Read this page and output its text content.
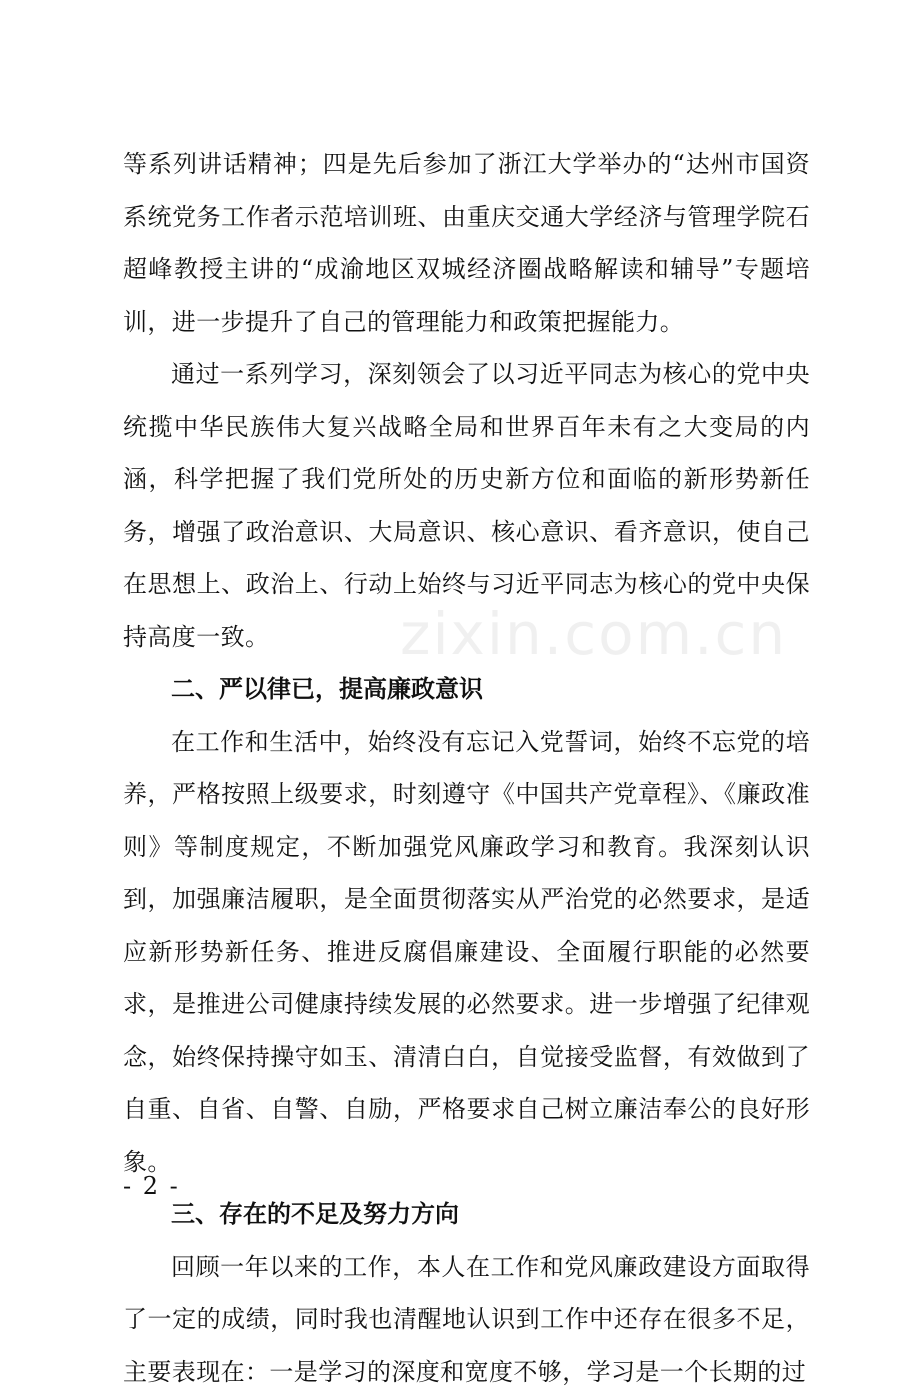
zixin.com.cn

等系列讲话精神；四是先后参加了浙江大学举办的“达州市国资系统党务工作者示范培训班、由重庆交通大学经济与管理学院石超峰教授主讲的“成渝地区双城经济圈战略解读和辅导”专题培训，进一步提升了自己的管理能力和政策把握能力。

通过一系列学习，深刻领会了以习近平同志为核心的党中央统揽中华民族伟大复兴战略全局和世界百年未有之大变局的内涵，科学把握了我们党所处的历史新方位和面临的新形势新任务，增强了政治意识、大局意识、核心意识、看齐意识，使自己在思想上、政治上、行动上始终与习近平同志为核心的党中央保持高度一致。

二、严以律已，提高廉政意识

在工作和生活中，始终没有忘记入党誓词，始终不忘党的培养，严格按照上级要求，时刻遵守《中国共产党章程》、《廉政准则》等制度规定，不断加强党风廉政学习和教育。我深刻认识到，加强廉洁履职，是全面贯彻落实从严治党的必然要求，是适应新形势新任务、推进反腐倡廉建设、全面履行职能的必然要求，是推进公司健康持续发展的必然要求。进一步增强了纪律观念，始终保持操守如玉、清清白白，自觉接受监督，有效做到了自重、自省、自警、自励，严格要求自己树立廉洁奉公的良好形象。

三、存在的不足及努力方向

回顾一年以来的工作，本人在工作和党风廉政建设方面取得了一定的成绩，同时我也清醒地认识到工作中还存在很多不足，主要表现在：一是学习的深度和宽度不够，学习是一个长期的过

- 2 -
